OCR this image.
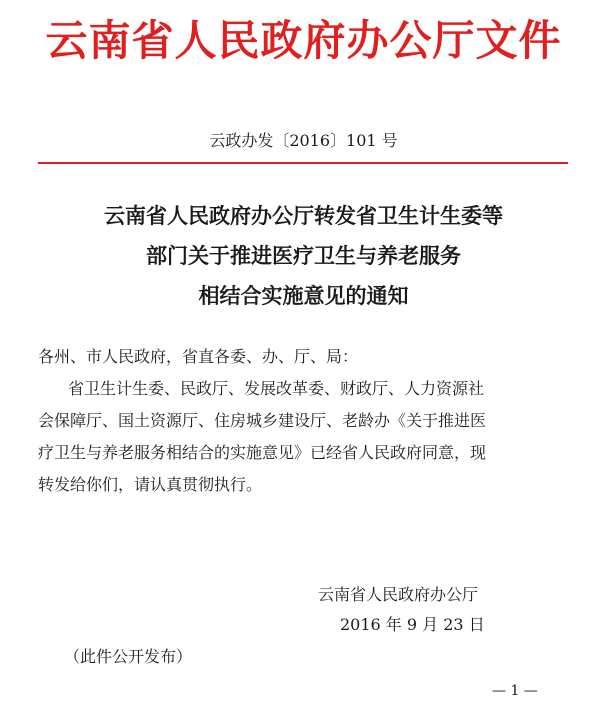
云南省人民政府办公厅文件
云政办发〔2016〕101 号
云南省人民政府办公厅转发省卫生计生委等
部门关于推进医疗卫生与养老服务
相结合实施意见的通知
各州、市人民政府，省直各委、办、厅、局：
省卫生计生委、民政厅、发展改革委、财政厅、人力资源社
会保障厅、国土资源厅、住房城乡建设厅、老龄办《关于推进医
疗卫生与养老服务相结合的实施意见》已经省人民政府同意，现
转发给你们，请认真贯彻执行。
云南省人民政府办公厅
2016 年 9 月 23 日
（此件公开发布）
— 1 —
